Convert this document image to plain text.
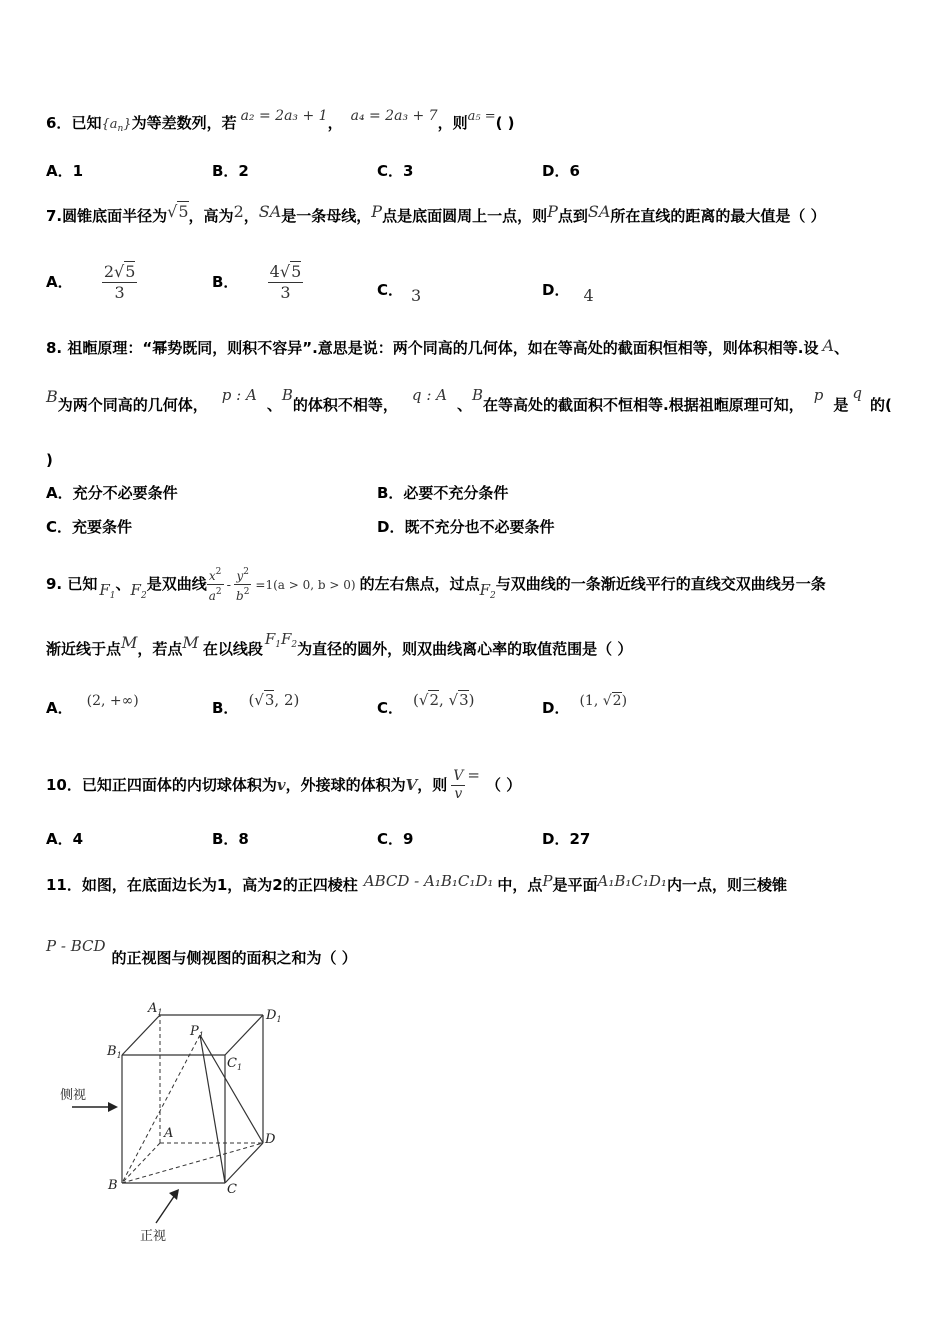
6．已知$\{a_n\}$为等差数列，若 a₂ = 2a₃ + 1， a₄ = 2a₃ + 7，则a₅ =( )
A．1	B．2	C．3	D．6
7.圆锥底面半径为√5，高为2，SA是一条母线，P点是底面圆周上一点，则P点到SA所在直线的距离的最大值是（ ）
A． $\frac{2√5}{3}$	B． $\frac{4√5}{3}$	C． 3	D． 4
8. 祖暅原理：“幂势既同，则积不容异”.意思是说：两个同高的几何体，如在等高处的截面积恒相等，则体积相等.设 A、
B为两个同高的几何体，p : A、B的体积不相等，q : A、B在等高处的截面积不恒相等.根据祖暅原理可知，p是q的(
)
A．充分不必要条件	B．必要不充分条件
C．充要条件	D．既不充分也不必要条件
9. 已知 $F_1$、$F_2$是双曲线 $\frac{x^2}{a^2} - \frac{y^2}{b^2} =1(a > 0$, b > 0) 的左右焦点，过点$F_2$与双曲线的一条渐近线平行的直线交双曲线另一条
渐近线于点M，若点M 在以线段$F_1F_2$为直径的圆外，则双曲线离心率的取值范围是（ ）
A． (2, +∞)	B． (√3, 2)	C． (√2, √3)	D． (1, √2)
10．已知正四面体的内切球体积为v，外接球的体积为V，则 $\frac{V}{v}$ =（ ）
A．4	B．8	C．9	D．27
11．如图，在底面边长为1，高为2的正四棱柱 ABCD - A₁B₁C₁D₁ 中，点P是平面A₁B₁C₁D₁内一点，则三棱锥
P - BCD的正视图与侧视图的面积之和为（ ）
$A_1$	$D_1$
$B_1$
$C_1$
$P_1$
A	D
B	C
侧视
正视
